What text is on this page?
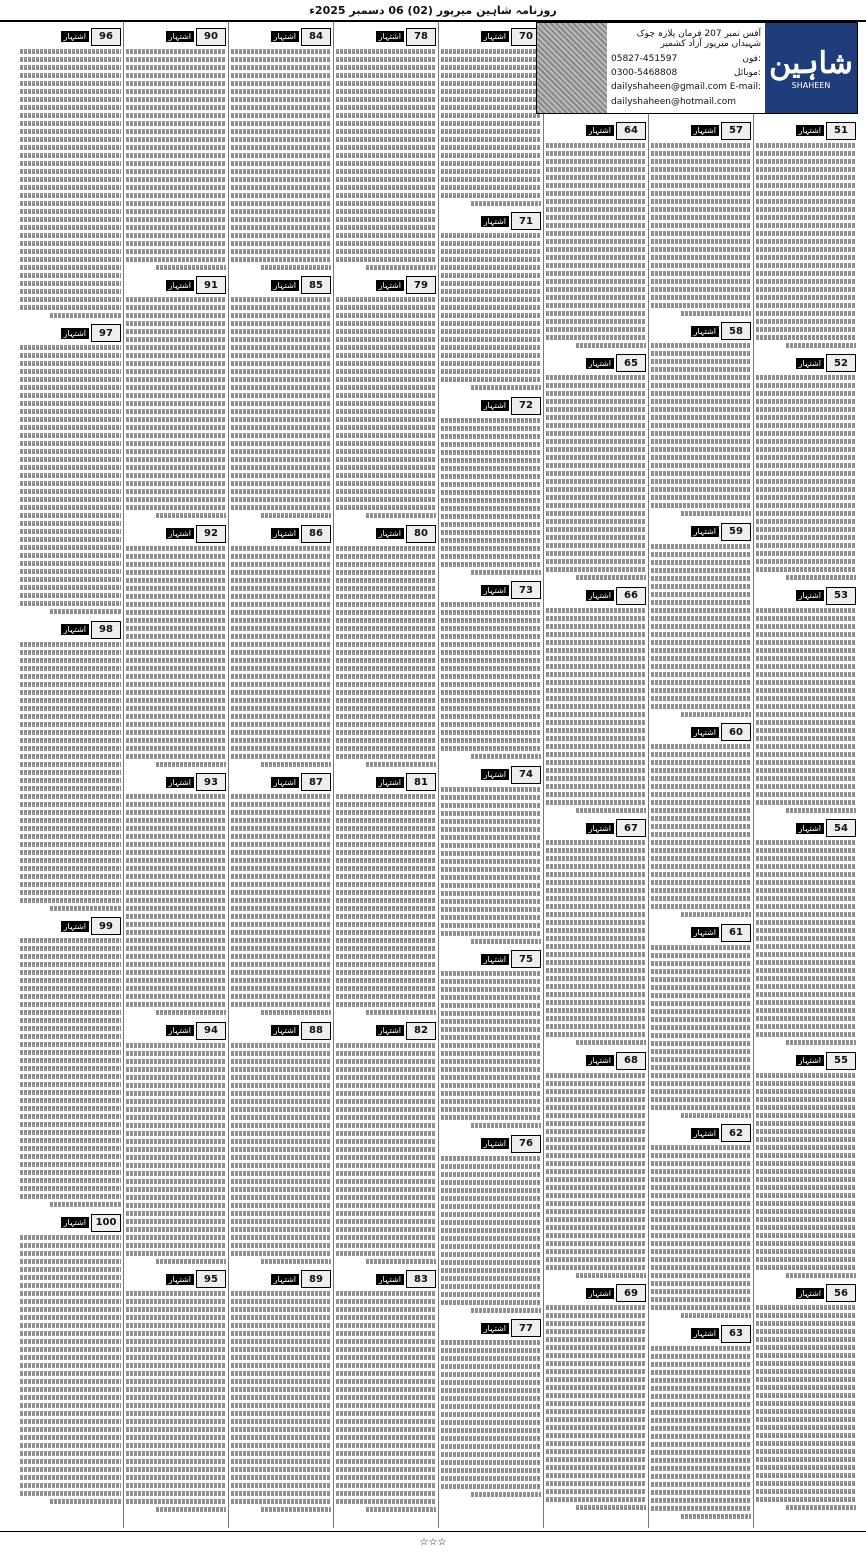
روزنامہ شاہین میرپور (02) 06 دسمبر 2025ء
شاہین
SHAHEEN
آفس نمبر 207 فرمان پلازہ چوک شہیداں میرپور آزاد کشمیر
05827-451597	فون:
0300-5468808	موبائل:
dailyshaheen@gmail.com E-mail:
dailyshaheen@hotmail.com
51اشتہار
52اشتہار
53اشتہار
54اشتہار
55اشتہار
56اشتہار
57اشتہار
58اشتہار
59اشتہار
60اشتہار
61اشتہار
62اشتہار
63اشتہار
64اشتہار
65اشتہار
66اشتہار
67اشتہار
68اشتہار
69اشتہار
70اشتہار
71اشتہار
72اشتہار
73اشتہار
74اشتہار
75اشتہار
76اشتہار
77اشتہار
78اشتہار
79اشتہار
80اشتہار
81اشتہار
82اشتہار
83اشتہار
84اشتہار
85اشتہار
86اشتہار
87اشتہار
88اشتہار
89اشتہار
90اشتہار
91اشتہار
92اشتہار
93اشتہار
94اشتہار
95اشتہار
96اشتہار
97اشتہار
98اشتہار
99اشتہار
100اشتہار
☆☆☆
